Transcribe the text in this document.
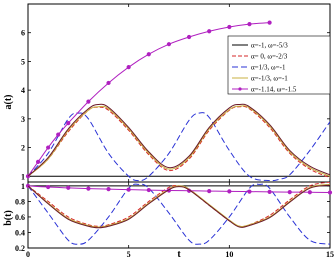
1
2
3
4
5
6
0.2
0.4
0.6
0.8
1
0	5	10	15
t
a(t)
b(t)
α=-1, ω=-5/3
α= 0, ω=-2/3
α=1/3, ω=-1
α=-1/3, ω=-1
α=-1.14, ω=-1.5
